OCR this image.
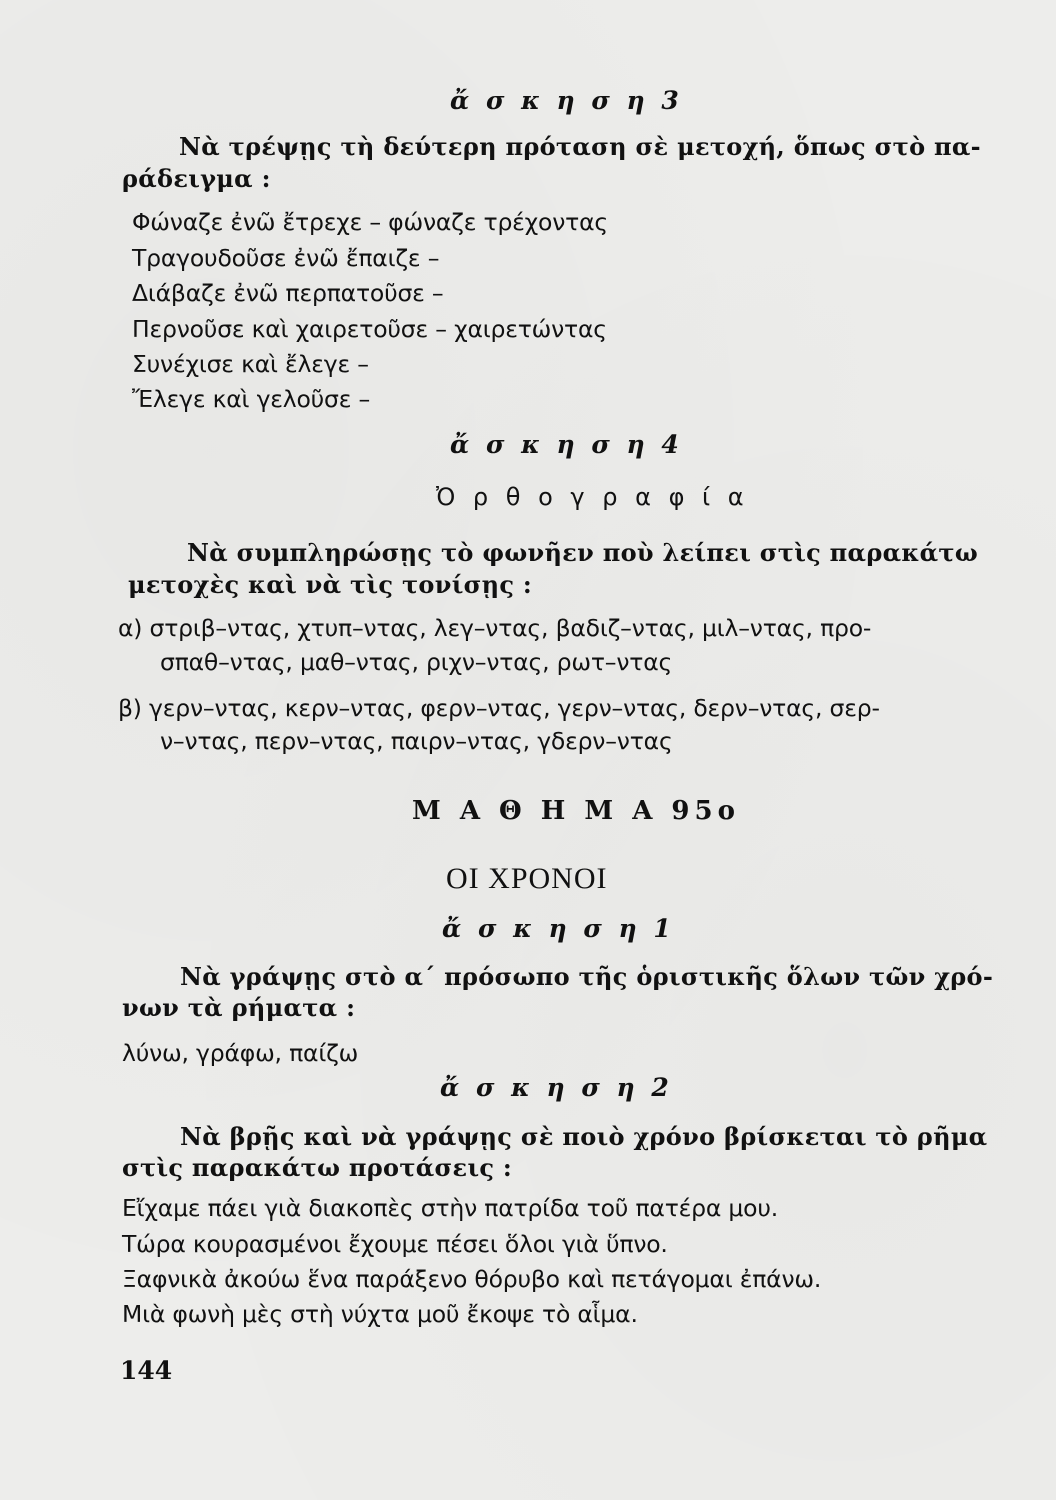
ἄ σ κ η σ η 3
Νὰ τρέψῃς τὴ δεύτερη πρόταση σὲ μετοχή, ὅπως στὸ πα-
ράδειγμα :
Φώναζε ἐνῶ ἔτρεχε – φώναζε τρέχοντας
Τραγουδοῦσε ἐνῶ ἔπαιζε –
Διάβαζε ἐνῶ περπατοῦσε –
Περνοῦσε καὶ χαιρετοῦσε – χαιρετώντας
Συνέχισε καὶ ἔλεγε –
Ἔλεγε καὶ γελοῦσε –
ἄ σ κ η σ η 4
Ὀ ρ θ ο γ ρ α φ ί α
Νὰ συμπληρώσῃς τὸ φωνῆεν ποὺ λείπει στὶς παρακάτω
μετοχὲς καὶ νὰ τὶς τονίσῃς :
α) στριβ–ντας, χτυπ–ντας, λεγ–ντας, βαδιζ–ντας, μιλ–ντας, προ-
σπαθ–ντας, μαθ–ντας, ριχν–ντας, ρωτ–ντας
β) γερν–ντας, κερν–ντας, φερν–ντας, γερν–ντας, δερν–ντας, σερ-
ν–ντας, περν–ντας, παιρν–ντας, γδερν–ντας
Μ Α Θ Η Μ Α 95ο
ΟΙ ΧΡΟΝΟΙ
ἄ σ κ η σ η 1
Νὰ γράψῃς στὸ α΄ πρόσωπο τῆς ὁριστικῆς ὅλων τῶν χρό-
νων τὰ ρήματα :
λύνω, γράφω, παίζω
ἄ σ κ η σ η 2
Νὰ βρῇς καὶ νὰ γράψῃς σὲ ποιὸ χρόνο βρίσκεται τὸ ρῆμα
στὶς παρακάτω προτάσεις :
Εἴχαμε πάει γιὰ διακοπὲς στὴν πατρίδα τοῦ πατέρα μου.
Τώρα κουρασμένοι ἔχουμε πέσει ὅλοι γιὰ ὕπνο.
Ξαφνικὰ ἀκούω ἕνα παράξενο θόρυβο καὶ πετάγομαι ἐπάνω.
Μιὰ φωνὴ μὲς στὴ νύχτα μοῦ ἔκοψε τὸ αἷμα.
144
